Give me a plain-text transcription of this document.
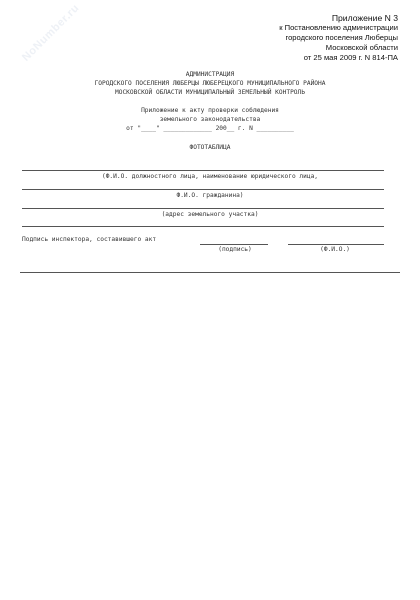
NoNumber.ru	Приложение N 3
к Постановлению администрации
городского поселения Люберцы
Московской области
от 25 мая 2009 г. N 814-ПА
АДМИНИСТРАЦИЯ
ГОРОДСКОГО ПОСЕЛЕНИЯ ЛЮБЕРЦЫ ЛЮБЕРЕЦКОГО МУНИЦИПАЛЬНОГО РАЙОНА
МОСКОВСКОЙ ОБЛАСТИ МУНИЦИПАЛЬНЫЙ ЗЕМЕЛЬНЫЙ КОНТРОЛЬ
Приложение к акту проверки соблюдения
земельного законодательства
от "____" _____________ 200__ г. N __________
ФОТОТАБЛИЦА
(Ф.И.О. должностного лица, наименование юридического лица,
Ф.И.О. гражданина)
(адрес земельного участка)
Подпись инспектора, составившего акт
(подпись)	(Ф.И.О.)
